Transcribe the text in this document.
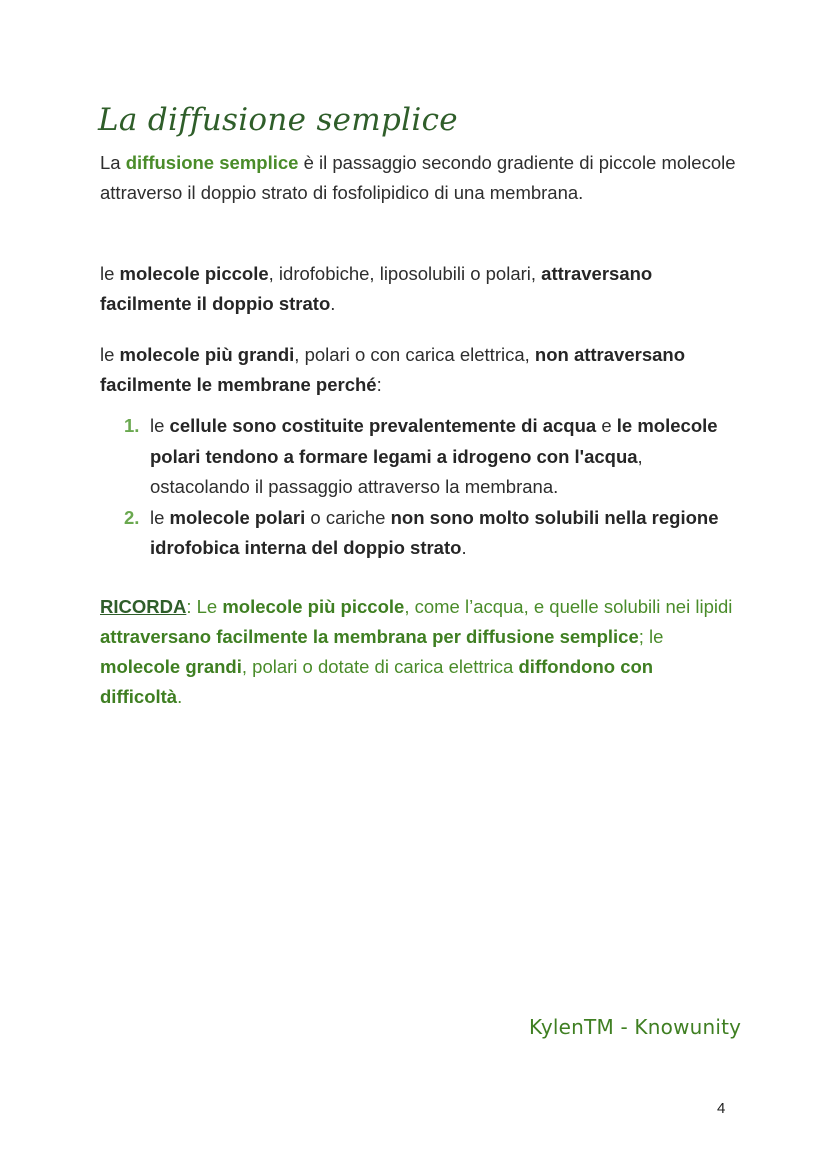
La diffusione semplice

La diffusione semplice è il passaggio secondo gradiente di piccole molecole attraverso il doppio strato di fosfolipidico di una membrana.

le molecole piccole, idrofobiche, liposolubili o polari, attraversano facilmente il doppio strato.

le molecole più grandi, polari o con carica elettrica, non attraversano facilmente le membrane perché:

1. le cellule sono costituite prevalentemente di acqua e le molecole polari tendono a formare legami a idrogeno con l'acqua, ostacolando il passaggio attraverso la membrana.
2. le molecole polari o cariche non sono molto solubili nella regione idrofobica interna del doppio strato.

RICORDA: Le molecole più piccole, come l’acqua, e quelle solubili nei lipidi attraversano facilmente la membrana per diffusione semplice; le molecole grandi, polari o dotate di carica elettrica diffondono con difficoltà.

KylenTM - Knowunity
4
